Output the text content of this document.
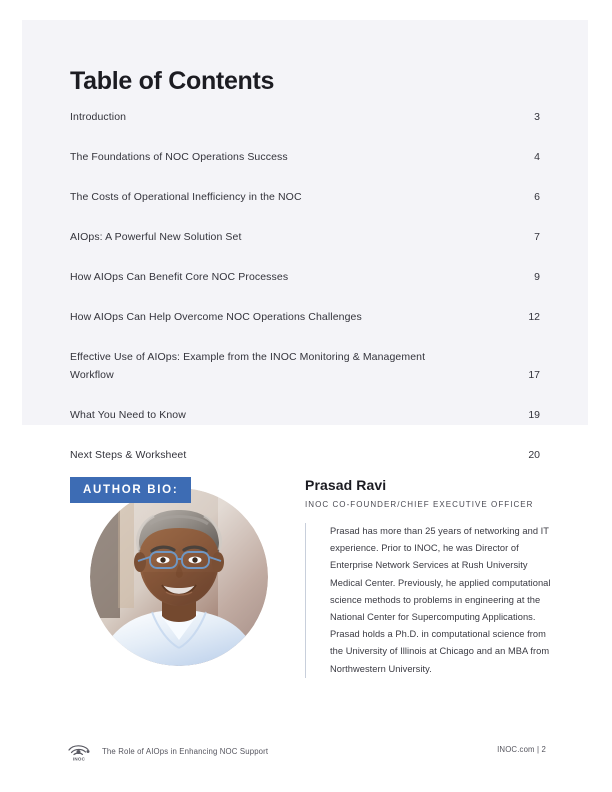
Table of Contents
Introduction	3
The Foundations of NOC Operations Success	4
The Costs of Operational Inefficiency in the NOC	6
AIOps: A Powerful New Solution Set	7
How AIOps Can Benefit Core NOC Processes	9
How AIOps Can Help Overcome NOC Operations Challenges	12
Effective Use of AIOps: Example from the INOC Monitoring & Management Workflow	17
What You Need to Know	19
Next Steps & Worksheet	20
AUTHOR BIO:	Prasad Ravi
INOC CO-FOUNDER/CHIEF EXECUTIVE OFFICER
Prasad has more than 25 years of networking and IT experience. Prior to INOC, he was Director of Enterprise Network Services at Rush University Medical Center. Previously, he applied computational science methods to problems in engineering at the National Center for Supercomputing Applications. Prasad holds a Ph.D. in computational science from the University of Illinois at Chicago and an MBA from Northwestern University.
INOC
The Role of AIOps in Enhancing NOC Support	INOC.com | 2
